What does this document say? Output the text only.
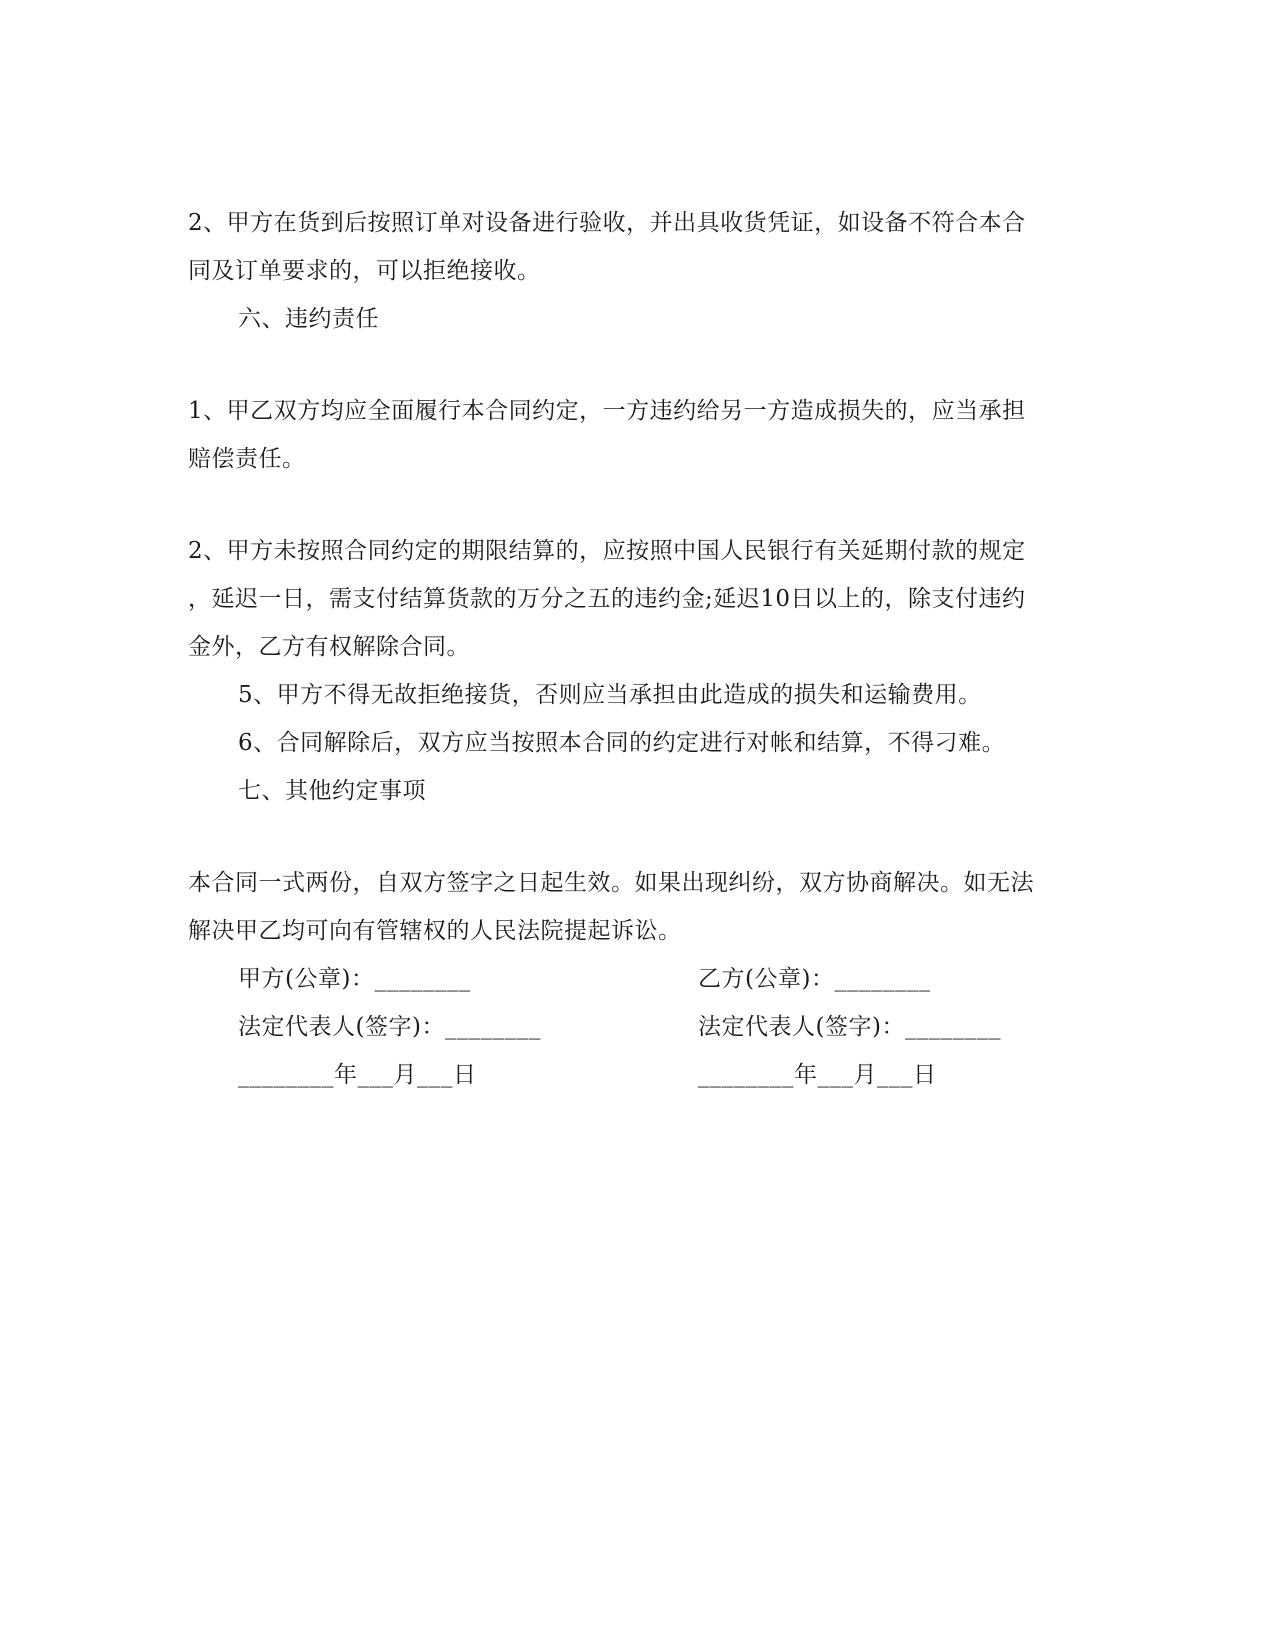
2、甲方在货到后按照订单对设备进行验收，并出具收货凭证，如设备不符合本合
同及订单要求的，可以拒绝接收。
六、违约责任
1、甲乙双方均应全面履行本合同约定，一方违约给另一方造成损失的，应当承担
赔偿责任。
2、甲方未按照合同约定的期限结算的，应按照中国人民银行有关延期付款的规定
，延迟一日，需支付结算货款的万分之五的违约金;延迟10日以上的，除支付违约
金外，乙方有权解除合同。
5、甲方不得无故拒绝接货，否则应当承担由此造成的损失和运输费用。
6、合同解除后，双方应当按照本合同的约定进行对帐和结算，不得刁难。
七、其他约定事项
本合同一式两份，自双方签字之日起生效。如果出现纠纷，双方协商解决。如无法
解决甲乙均可向有管辖权的人民法院提起诉讼。
甲方(公章)：________	乙方(公章)：________
法定代表人(签字)：________	法定代表人(签字)：________
________年___月___日	________年___月___日
